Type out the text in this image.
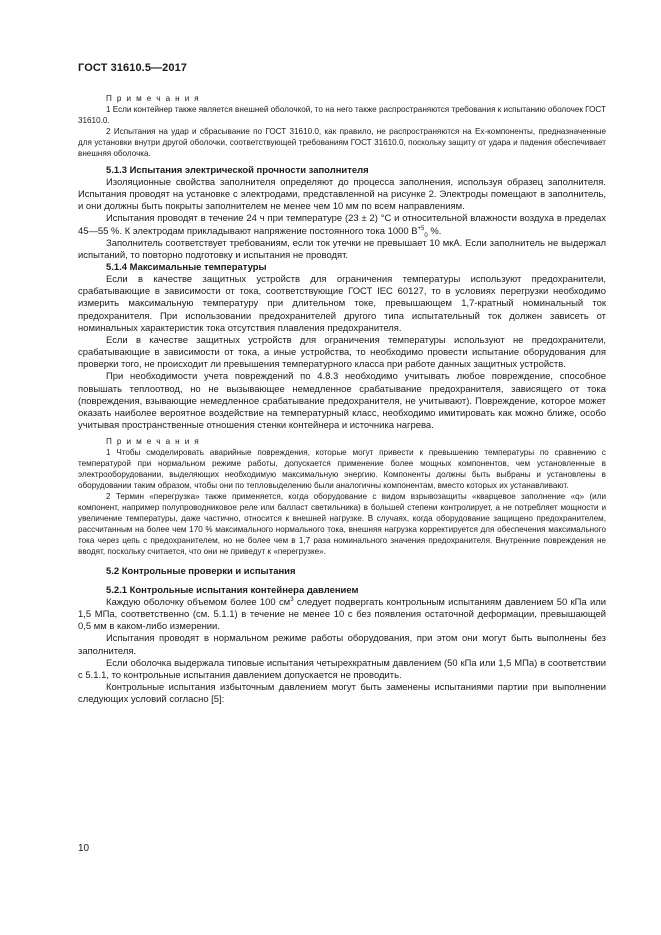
ГОСТ 31610.5—2017

П р и м е ч а н и я

1 Если контейнер также является внешней оболочкой, то на него также распространяются требования к испытанию оболочек ГОСТ 31610.0.

2 Испытания на удар и сбрасывание по ГОСТ 31610.0, как правило, не распространяются на Ex-компоненты, предназначенные для установки внутри другой оболочки, соответствующей требованиям ГОСТ 31610.0, поскольку защиту от удара и падения обеспечивает внешняя оболочка.

5.1.3 Испытания электрической прочности заполнителя

Изоляционные свойства заполнителя определяют до процесса заполнения, используя образец заполнителя. Испытания проводят на установке с электродами, представленной на рисунке 2. Электроды помещают в заполнитель, и они должны быть покрыты заполнителем не менее чем 10 мм по всем направлениям.

Испытания проводят в течение 24 ч при температуре (23 ± 2) °С и относительной влажности воздуха в пределах 45—55 %. К электродам прикладывают напряжение постоянного тока 1000 $В^{+5}_0$ %.

Заполнитель соответствует требованиям, если ток утечки не превышает 10 мкА. Если заполнитель не выдержал испытаний, то повторно подготовку и испытания не проводят.

5.1.4 Максимальные температуры

Если в качестве защитных устройств для ограничения температуры используют предохранители, срабатывающие в зависимости от тока, соответствующие ГОСТ IEC 60127, то в условиях перегрузки необходимо измерить максимальную температуру при длительном токе, превышающем 1,7-кратный номинальный ток предохранителя. При использовании предохранителей другого типа испытательный ток должен зависеть от номинальных характеристик тока отсутствия плавления предохранителя.

Если в качестве защитных устройств для ограничения температуры используют не предохранители, срабатывающие в зависимости от тока, а иные устройства, то необходимо провести испытание оборудования для проверки того, не происходит ли превышения температурного класса при работе данных защитных устройств.

При необходимости учета повреждений по 4.8.3 необходимо учитывать любое повреждение, способное повышать теплоотвод, но не вызывающее немедленное срабатывание предохранителя, зависящего от тока (повреждения, взывающие немедленное срабатывание предохранителя, не учитывают). Повреждение, которое может оказать наиболее вероятное воздействие на температурный класс, необходимо имитировать как можно ближе, особо учитывая пространственные отношения стенки контейнера и источника нагрева.

П р и м е ч а н и я

1 Чтобы смоделировать аварийные повреждения, которые могут привести к превышению температуры по сравнению с температурой при нормальном режиме работы, допускается применение более мощных компонентов, чем установленные в электрооборудовании, выделяющих необходимую максимальную энергию. Компоненты должны быть выбраны и установлены в оборудовании таким образом, чтобы они по тепловыделению были аналогичны компонентам, вместо которых их устанавливают.

2 Термин «перегрузка» также применяется, когда оборудование с видом взрывозащиты «кварцевое заполнение «q» (или компонент, например полупроводниковое реле или балласт светильника) в большей степени контролирует, а не потребляет мощности и увеличение температуры, даже частично, относится к внешней нагрузке. В случаях, когда оборудование защищено предохранителем, рассчитанным на более чем 170 % максимального нормального тока, внешняя нагрузка корректируется для обеспечения максимального тока через цепь с предохранителем, но не более чем в 1,7 раза номинального значения предохранителя. Внутренние повреждения не вводят, поскольку считается, что они не приведут к «перегрузке».

5.2 Контрольные проверки и испытания

5.2.1 Контрольные испытания контейнера давлением

Каждую оболочку объемом более 100 $см^3$ следует подвергать контрольным испытаниям давлением 50 кПа или 1,5 МПа, соответственно (см. 5.1.1) в течение не менее 10 с без появления остаточной деформации, превышающей 0,5 мм в каком-либо измерении.

Испытания проводят в нормальном режиме работы оборудования, при этом они могут быть выполнены без заполнителя.

Если оболочка выдержала типовые испытания четырехкратным давлением (50 кПа или 1,5 МПа) в соответствии с 5.1.1, то контрольные испытания давлением допускается не проводить.

Контрольные испытания избыточным давлением могут быть заменены испытаниями партии при выполнении следующих условий согласно [5]:

10
